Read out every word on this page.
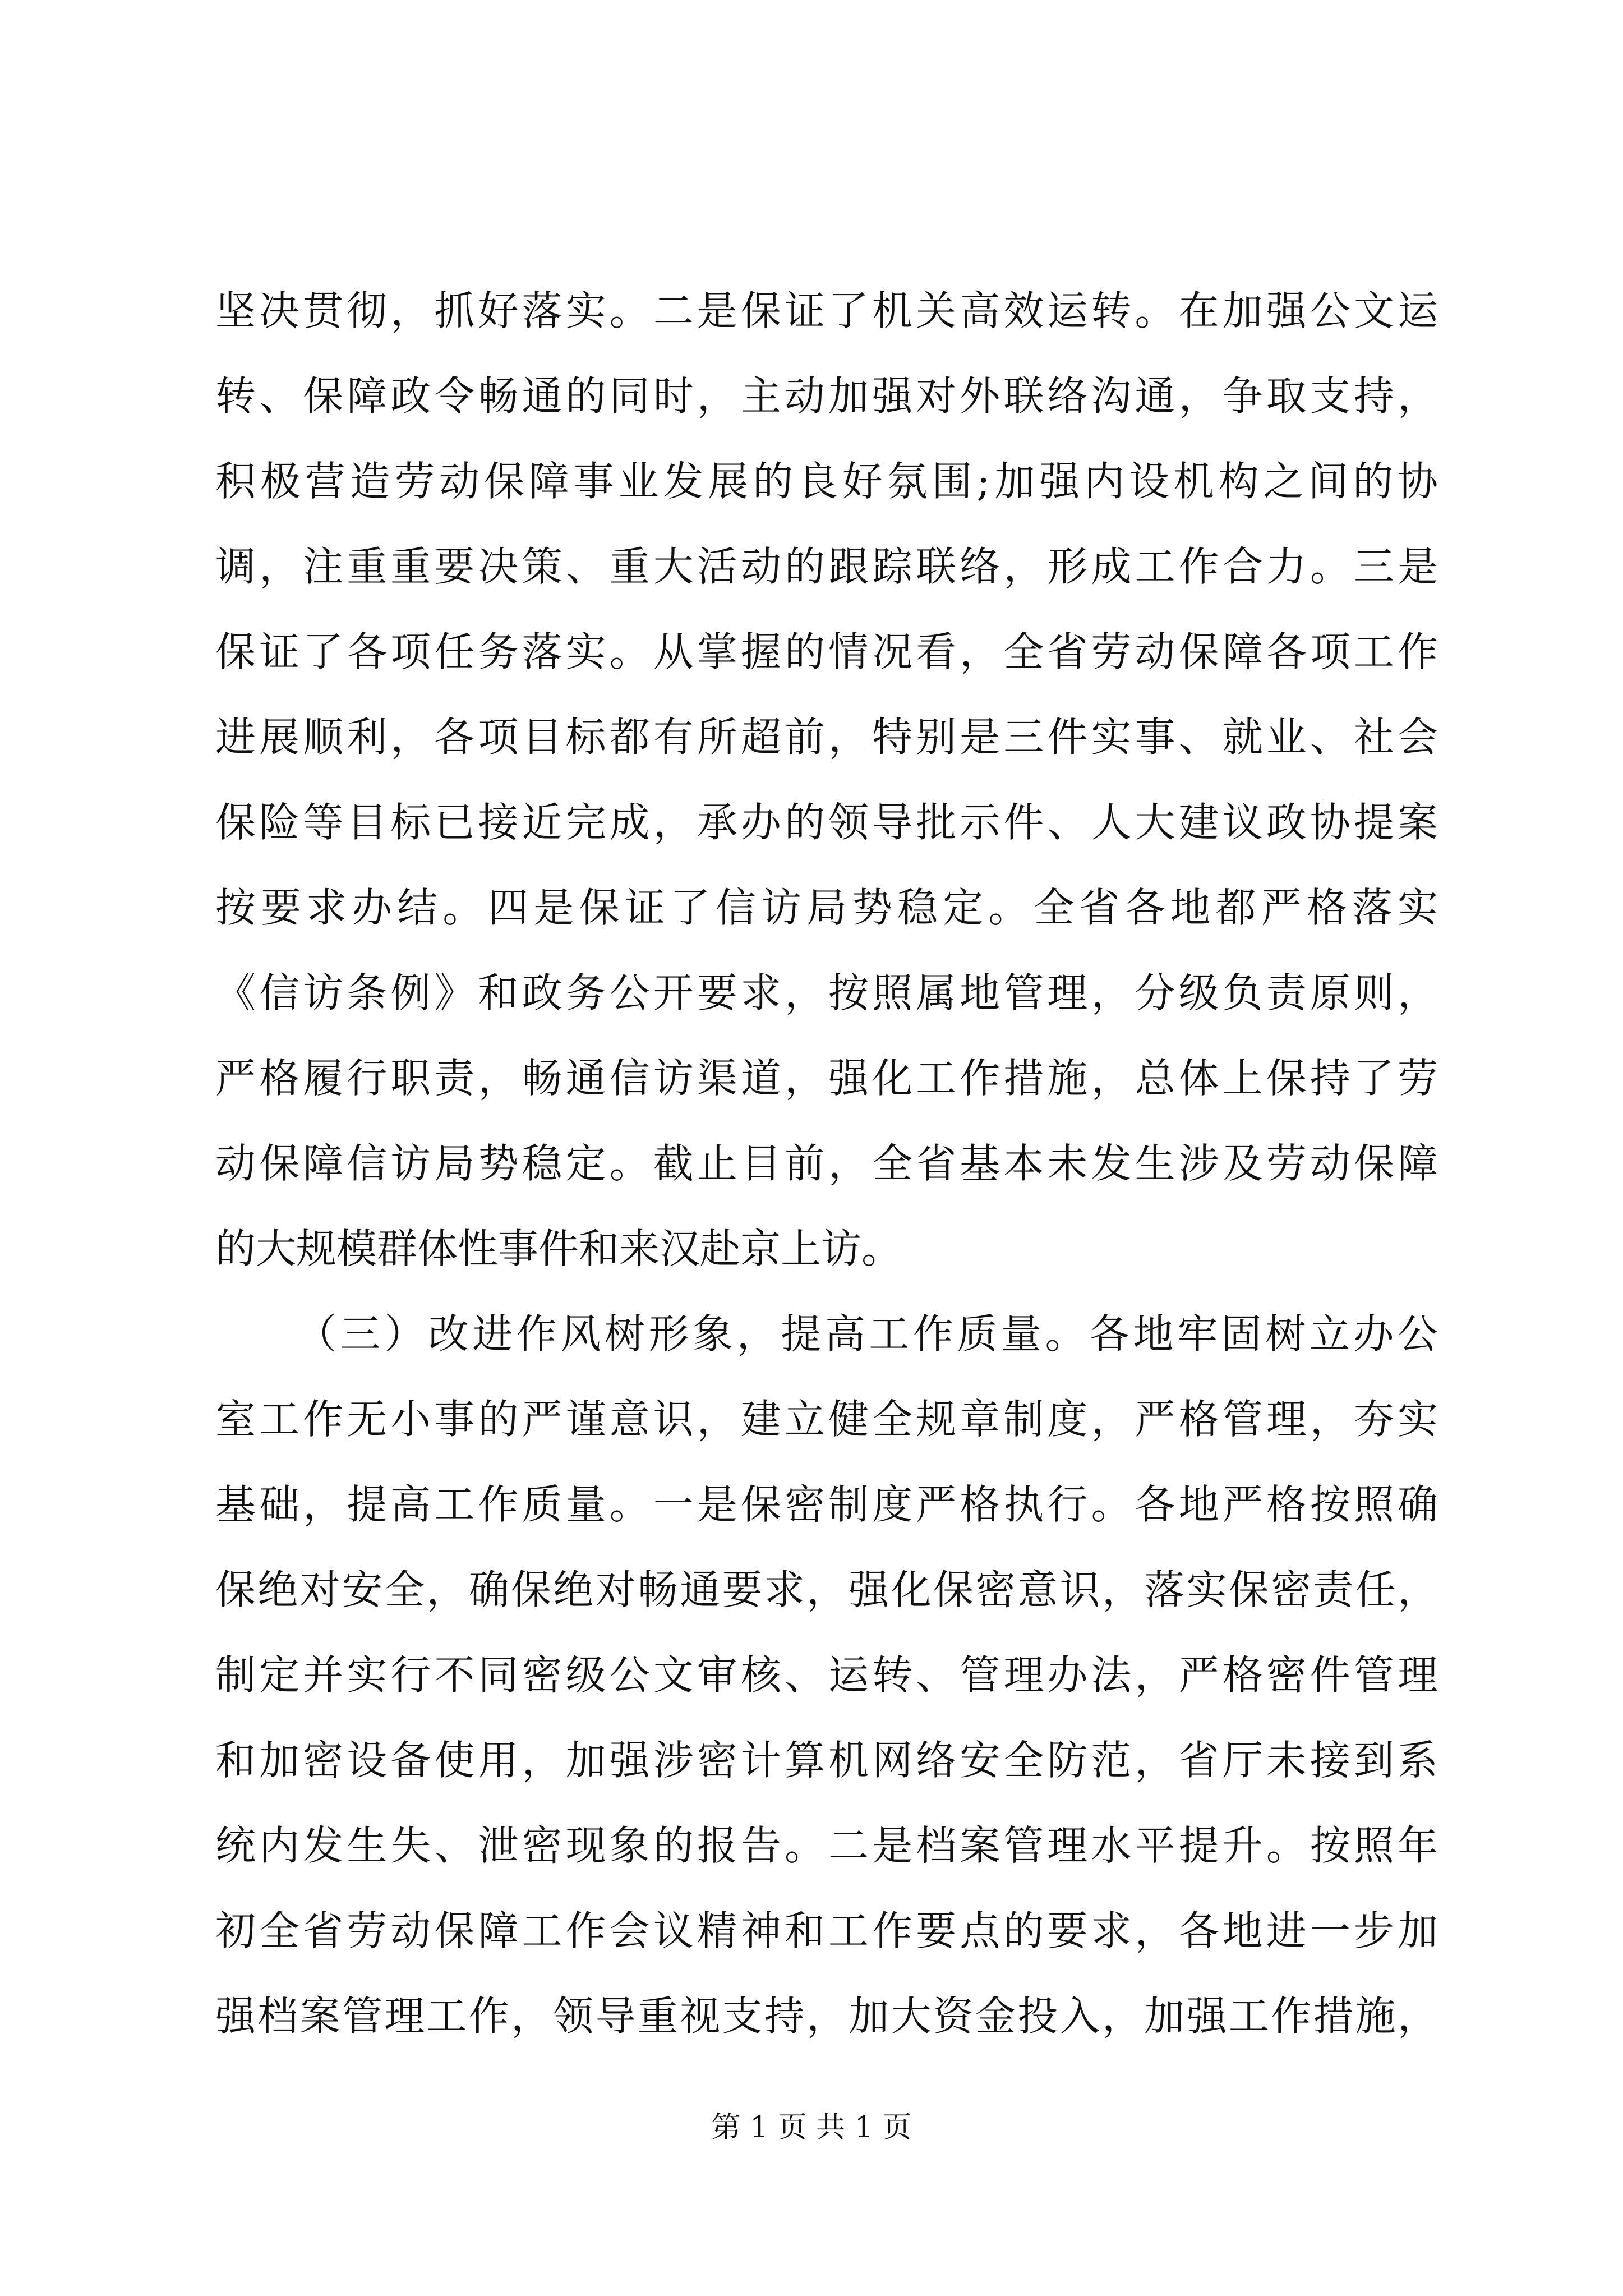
坚决贯彻，抓好落实。二是保证了机关高效运转。在加强公文运
转、保障政令畅通的同时，主动加强对外联络沟通，争取支持，
积极营造劳动保障事业发展的良好氛围;加强内设机构之间的协
调，注重重要决策、重大活动的跟踪联络，形成工作合力。三是
保证了各项任务落实。从掌握的情况看，全省劳动保障各项工作
进展顺利，各项目标都有所超前，特别是三件实事、就业、社会
保险等目标已接近完成，承办的领导批示件、人大建议政协提案
按要求办结。四是保证了信访局势稳定。全省各地都严格落实
《信访条例》和政务公开要求，按照属地管理，分级负责原则，
严格履行职责，畅通信访渠道，强化工作措施，总体上保持了劳
动保障信访局势稳定。截止目前，全省基本未发生涉及劳动保障
的大规模群体性事件和来汉赴京上访。
（三）改进作风树形象，提高工作质量。各地牢固树立办公
室工作无小事的严谨意识，建立健全规章制度，严格管理，夯实
基础，提高工作质量。一是保密制度严格执行。各地严格按照确
保绝对安全，确保绝对畅通要求，强化保密意识，落实保密责任，
制定并实行不同密级公文审核、运转、管理办法，严格密件管理
和加密设备使用，加强涉密计算机网络安全防范，省厅未接到系
统内发生失、泄密现象的报告。二是档案管理水平提升。按照年
初全省劳动保障工作会议精神和工作要点的要求，各地进一步加
强档案管理工作，领导重视支持，加大资金投入，加强工作措施，
第 1 页 共 1 页
